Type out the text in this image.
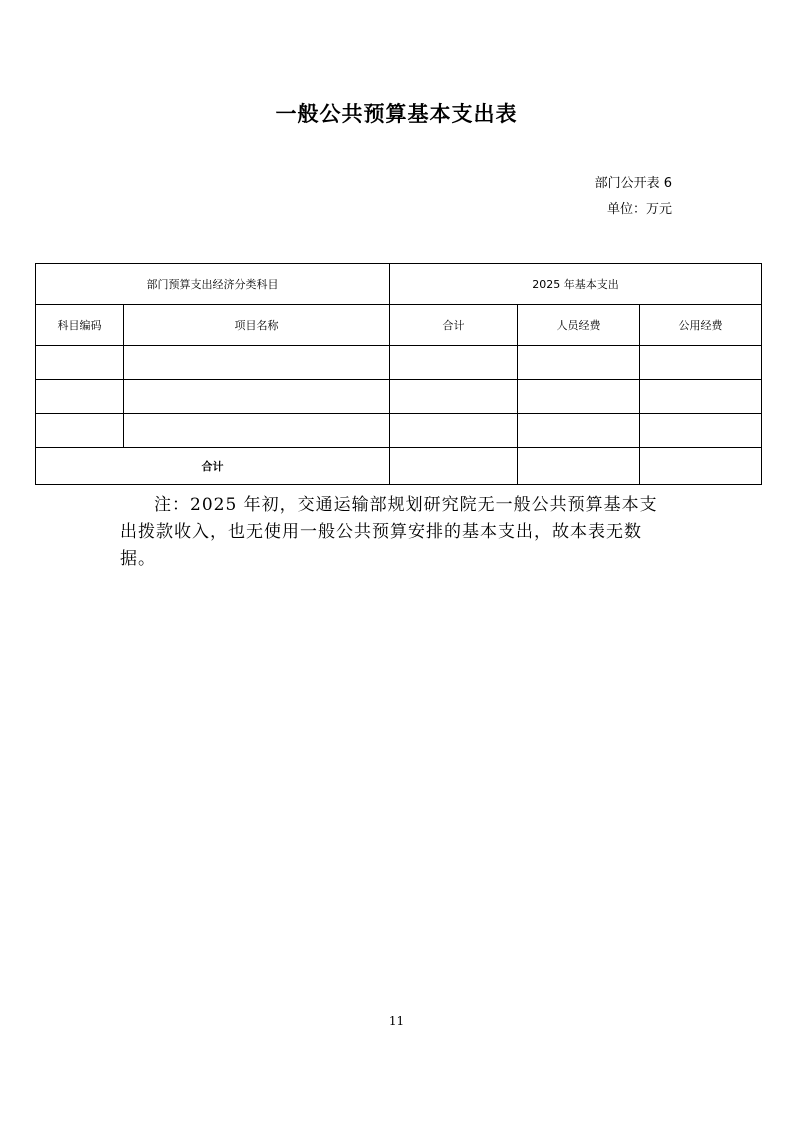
一般公共预算基本支出表
部门公开表 6
单位：万元
部门预算支出经济分类科目		2025 年基本支出		
科目编码	项目名称	合计	人员经费	公用经费

合计				
注：2025 年初，交通运输部规划研究院无一般公共预算基本支出拨款收入，也无使用一般公共预算安排的基本支出，故本表无数据。
11
